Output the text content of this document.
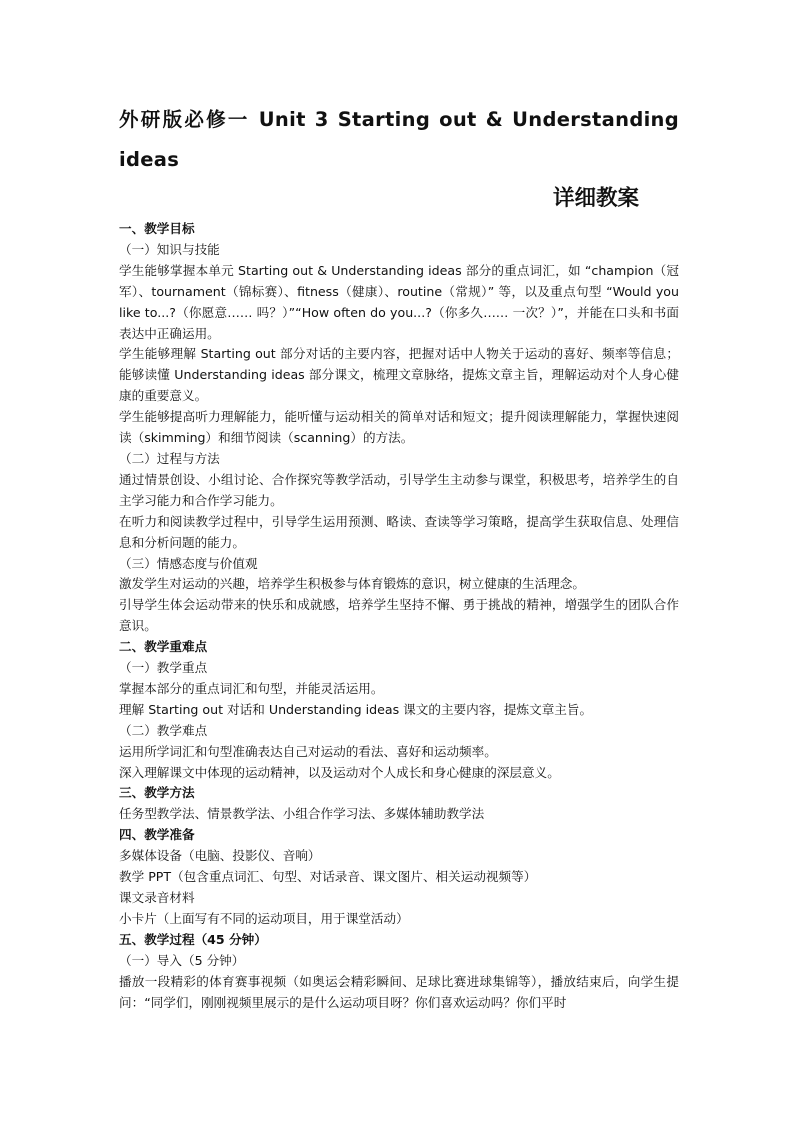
外研版必修一 Unit 3 Starting out & Understanding ideas
详细教案

一、教学目标

（一）知识与技能

学生能够掌握本单元 Starting out & Understanding ideas 部分的重点词汇，如 “champion（冠军）、tournament（锦标赛）、fitness（健康）、routine（常规）” 等，以及重点句型 “Would you like to...?（你愿意…… 吗？）”“How often do you...?（你多久…… 一次？）”，并能在口头和书面表达中正确运用。

学生能够理解 Starting out 部分对话的主要内容，把握对话中人物关于运动的喜好、频率等信息；能够读懂 Understanding ideas 部分课文，梳理文章脉络，提炼文章主旨，理解运动对个人身心健康的重要意义。

学生能够提高听力理解能力，能听懂与运动相关的简单对话和短文；提升阅读理解能力，掌握快速阅读（skimming）和细节阅读（scanning）的方法。

（二）过程与方法

通过情景创设、小组讨论、合作探究等教学活动，引导学生主动参与课堂，积极思考，培养学生的自主学习能力和合作学习能力。

在听力和阅读教学过程中，引导学生运用预测、略读、查读等学习策略，提高学生获取信息、处理信息和分析问题的能力。

（三）情感态度与价值观

激发学生对运动的兴趣，培养学生积极参与体育锻炼的意识，树立健康的生活理念。

引导学生体会运动带来的快乐和成就感，培养学生坚持不懈、勇于挑战的精神，增强学生的团队合作意识。

二、教学重难点

（一）教学重点

掌握本部分的重点词汇和句型，并能灵活运用。

理解 Starting out 对话和 Understanding ideas 课文的主要内容，提炼文章主旨。

（二）教学难点

运用所学词汇和句型准确表达自己对运动的看法、喜好和运动频率。

深入理解课文中体现的运动精神，以及运动对个人成长和身心健康的深层意义。

三、教学方法

任务型教学法、情景教学法、小组合作学习法、多媒体辅助教学法

四、教学准备

多媒体设备（电脑、投影仪、音响）

教学 PPT（包含重点词汇、句型、对话录音、课文图片、相关运动视频等）

课文录音材料

小卡片（上面写有不同的运动项目，用于课堂活动）

五、教学过程（45 分钟）

（一）导入（5 分钟）

播放一段精彩的体育赛事视频（如奥运会精彩瞬间、足球比赛进球集锦等），播放结束后，向学生提问：“同学们，刚刚视频里展示的是什么运动项目呀？你们喜欢运动吗？你们平时
